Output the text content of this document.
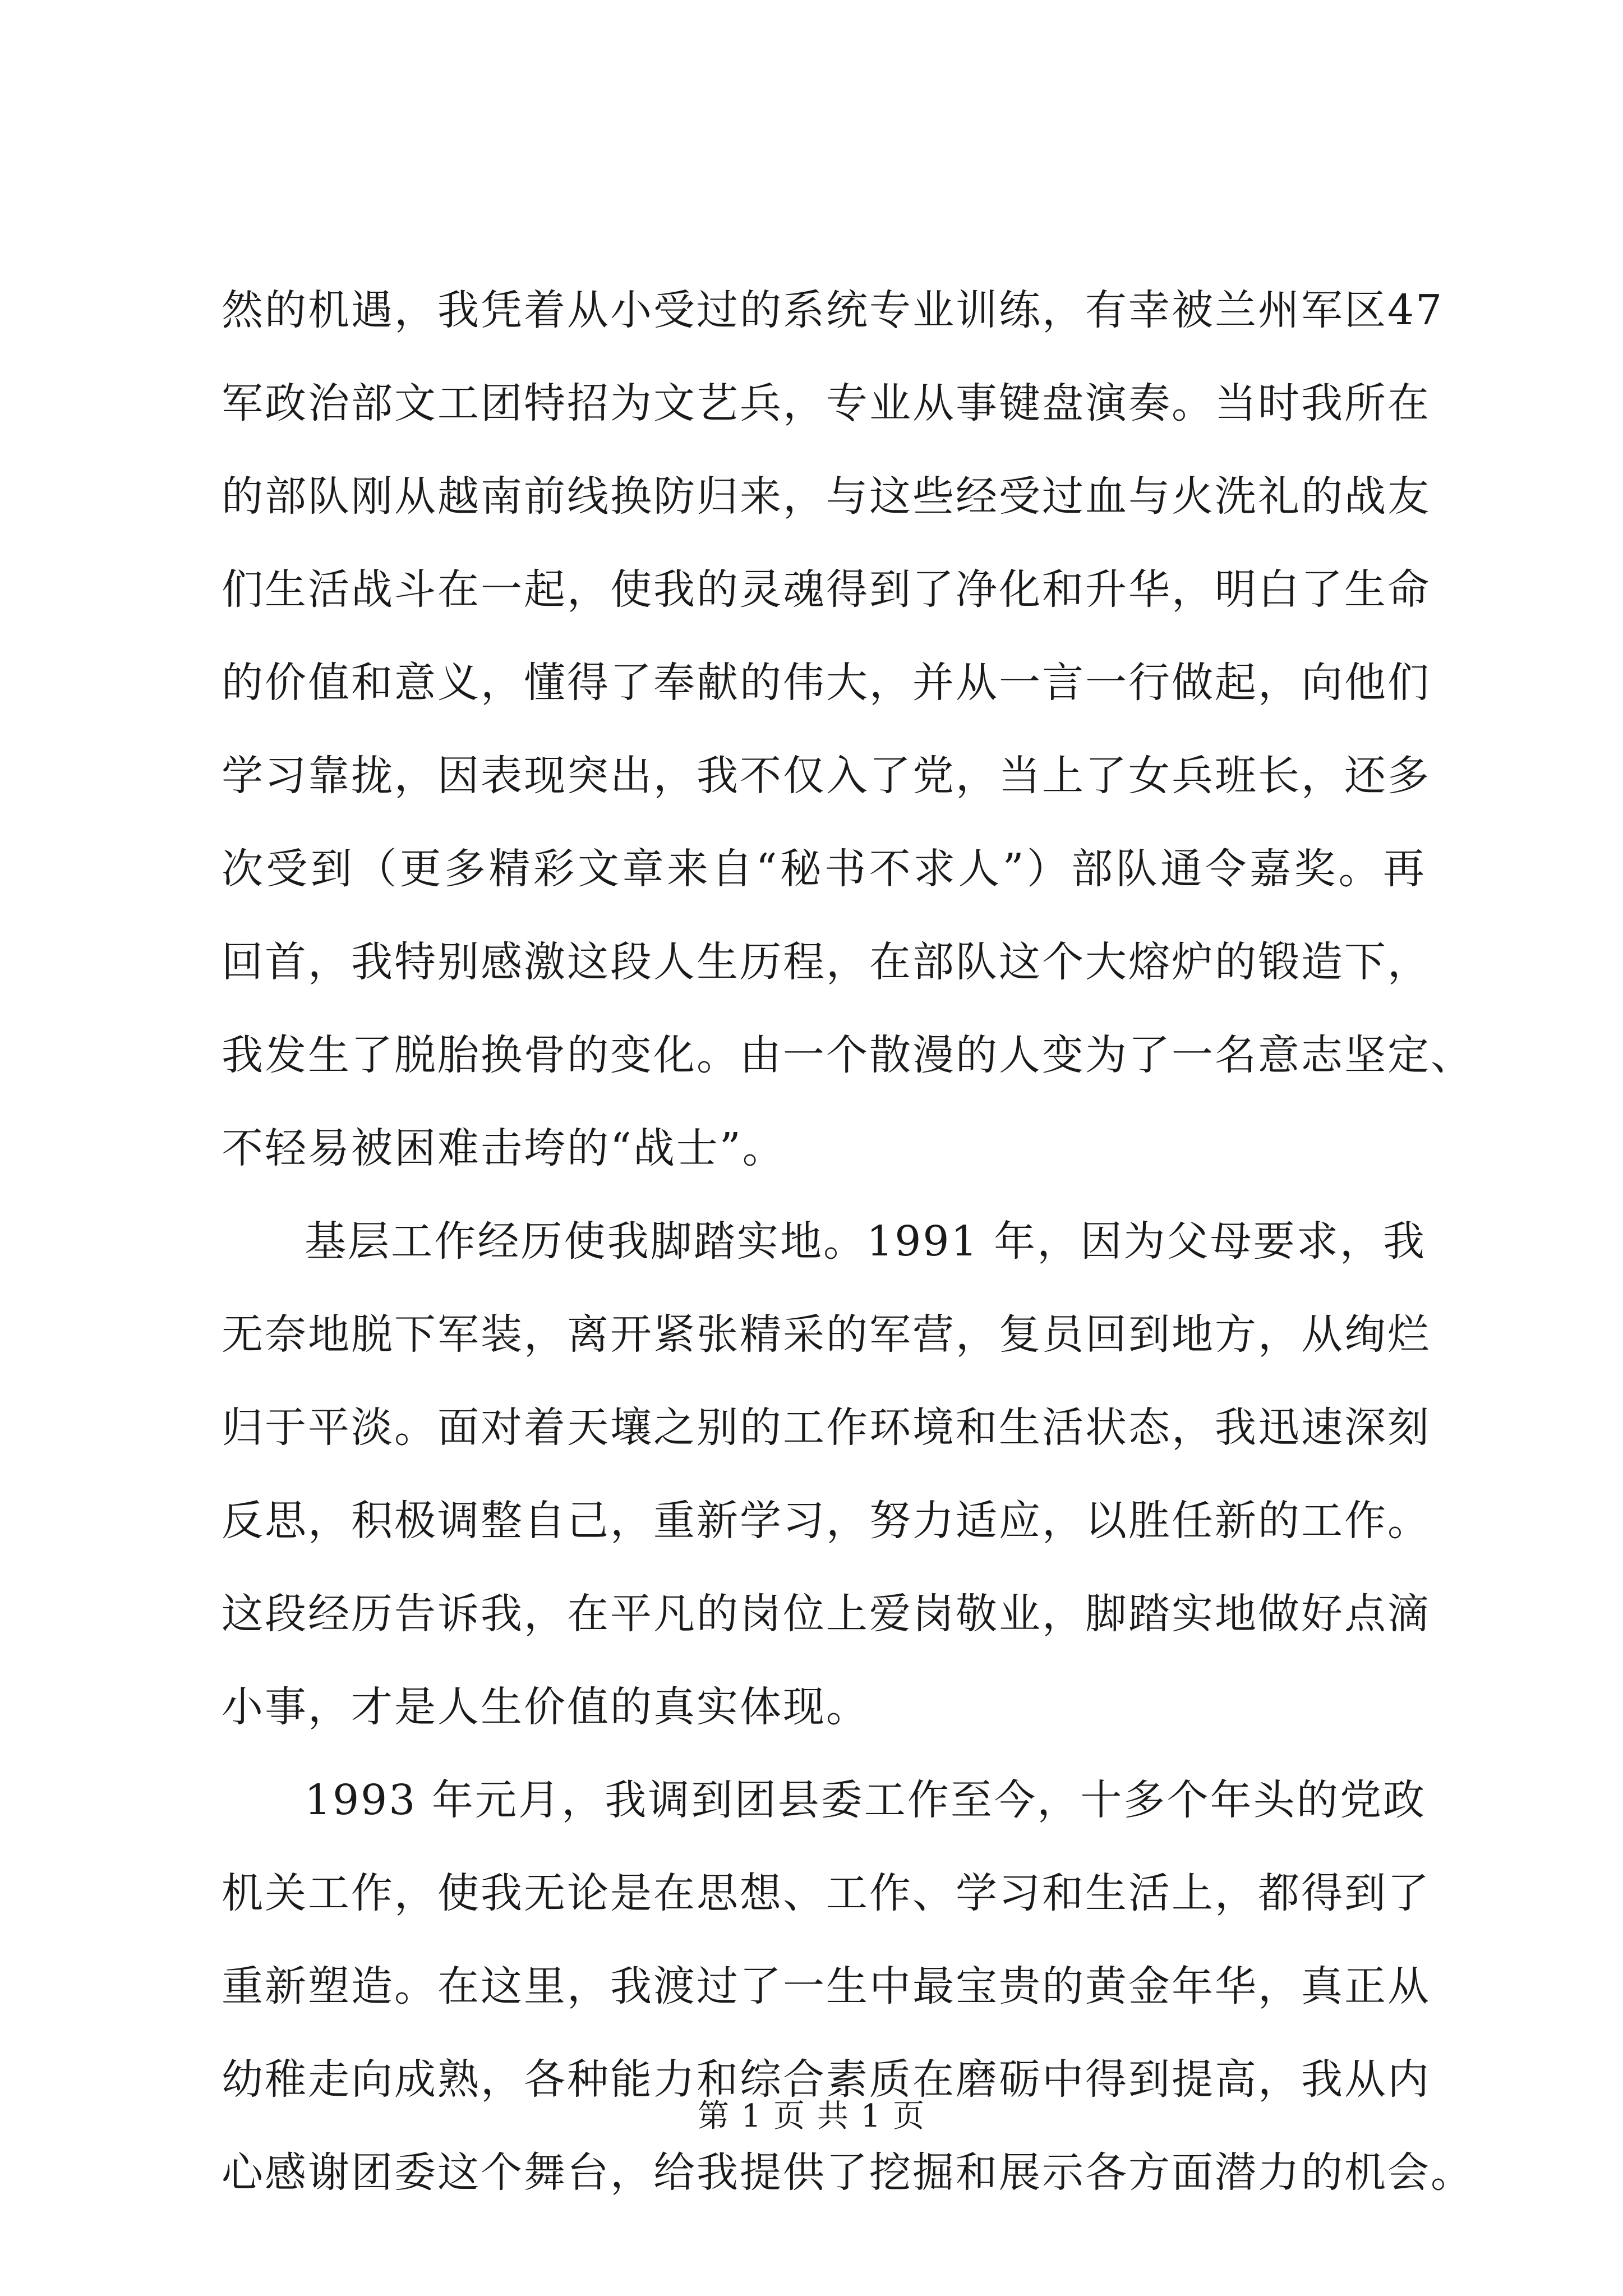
然的机遇，我凭着从小受过的系统专业训练，有幸被兰州军区47
军政治部文工团特招为文艺兵，专业从事键盘演奏。当时我所在
的部队刚从越南前线换防归来，与这些经受过血与火洗礼的战友
们生活战斗在一起，使我的灵魂得到了净化和升华，明白了生命
的价值和意义，懂得了奉献的伟大，并从一言一行做起，向他们
学习靠拢，因表现突出，我不仅入了党，当上了女兵班长，还多
次受到（更多精彩文章来自“秘书不求人”）部队通令嘉奖。再
回首，我特别感激这段人生历程，在部队这个大熔炉的锻造下，
我发生了脱胎换骨的变化。由一个散漫的人变为了一名意志坚定、
不轻易被困难击垮的“战士”。
基层工作经历使我脚踏实地。1991 年，因为父母要求，我
无奈地脱下军装，离开紧张精采的军营，复员回到地方，从绚烂
归于平淡。面对着天壤之别的工作环境和生活状态，我迅速深刻
反思，积极调整自己，重新学习，努力适应，以胜任新的工作。
这段经历告诉我，在平凡的岗位上爱岗敬业，脚踏实地做好点滴
小事，才是人生价值的真实体现。
1993 年元月，我调到团县委工作至今，十多个年头的党政
机关工作，使我无论是在思想、工作、学习和生活上，都得到了
重新塑造。在这里，我渡过了一生中最宝贵的黄金年华，真正从
幼稚走向成熟，各种能力和综合素质在磨砺中得到提高，我从内
心感谢团委这个舞台，给我提供了挖掘和展示各方面潜力的机会。
第 1 页 共 1 页
